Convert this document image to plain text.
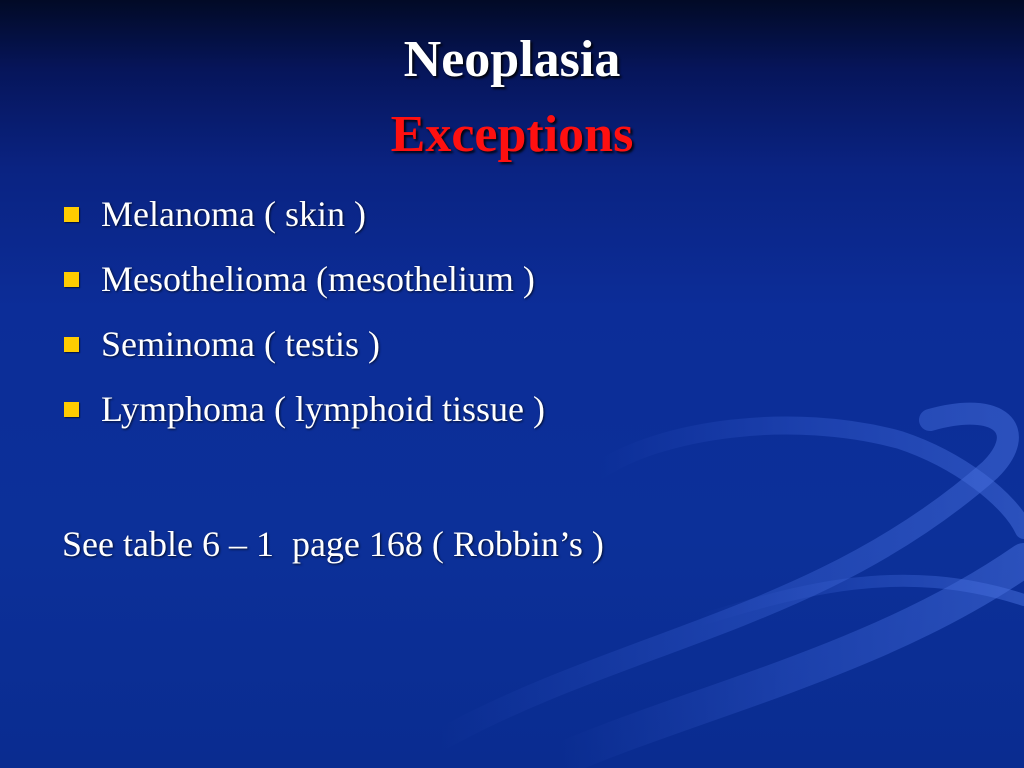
Neoplasia
Exceptions
Melanoma ( skin )
Mesothelioma (mesothelium )
Seminoma ( testis )
Lymphoma ( lymphoid tissue )
See table 6 – 1  page 168 ( Robbin’s )
